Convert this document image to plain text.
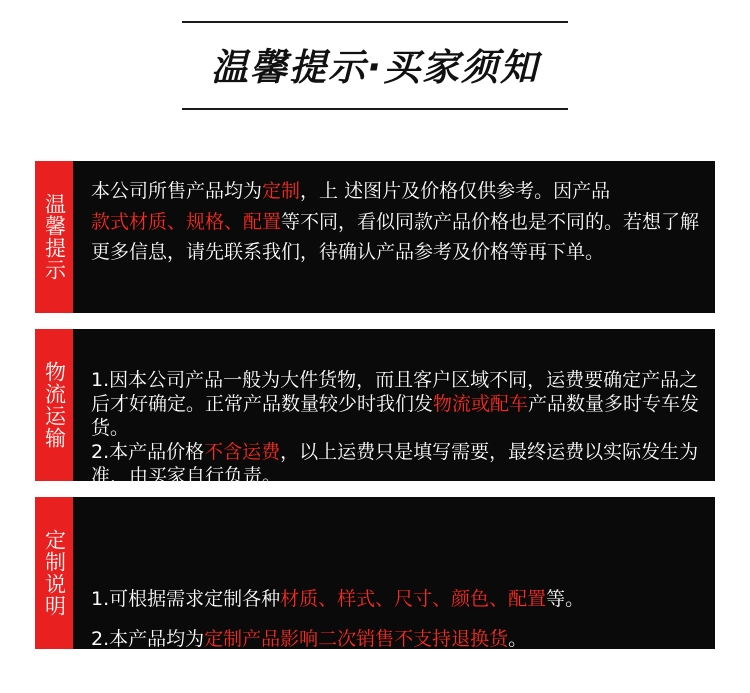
温馨提示·买家须知
温馨提示
本公司所售产品均为定制，上 述图片及价格仅供参考。因产品
款式材质、规格、配置等不同，看似同款产品价格也是不同的。若想了解更多信息，请先联系我们，待确认产品参考及价格等再下单。
物流运输 1.因本公司产品一般为大件货物，而且客户区域不同，运费要确定产品之后才好确定。正常产品数量较少时我们发物流或配车产品数量多时专车发货。
2.本产品价格不含运费，以上运费只是填写需要，最终运费以实际发生为准，由买家自行负责。

定制说明 1.可根据需求定制各种材质、样式、尺寸、颜色、配置等。
2.本产品均为定制产品影响二次销售不支持退换货。
